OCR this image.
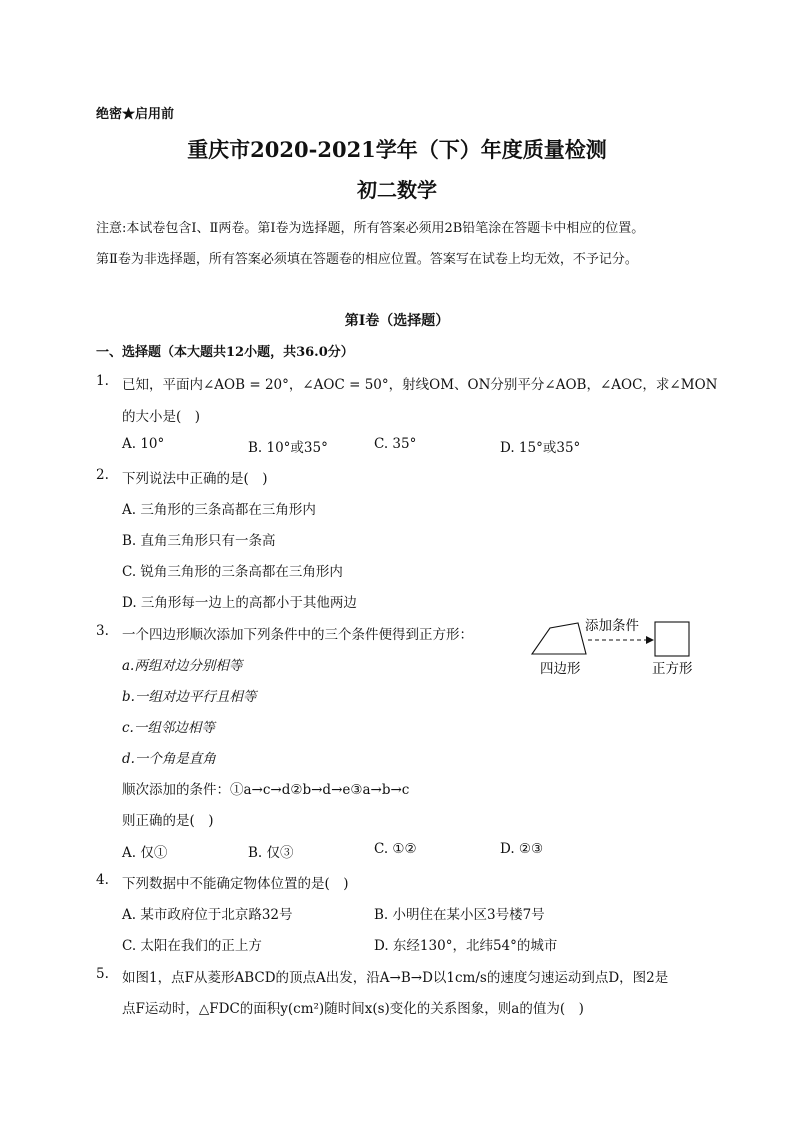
绝密★启用前
重庆市2020-2021学年（下）年度质量检测
初二数学
注意:本试卷包含Ⅰ、Ⅱ两卷。第Ⅰ卷为选择题，所有答案必须用2B铅笔涂在答题卡中相应的位置。
第Ⅱ卷为非选择题，所有答案必须填在答题卷的相应位置。答案写在试卷上均无效，不予记分。
第Ⅰ卷（选择题）
一、选择题（本大题共12小题，共36.0分）
1. 已知，平面内∠AOB = 20°，∠AOC = 50°，射线OM、ON分别平分∠AOB，∠AOC，求∠MON
的大小是(　)
A. 10°	B. 10°或35°	C. 35°	D. 15°或35°
2. 下列说法中正确的是(　)
A. 三角形的三条高都在三角形内
B. 直角三角形只有一条高
C. 锐角三角形的三条高都在三角形内
D. 三角形每一边上的高都小于其他两边
3. 一个四边形顺次添加下列条件中的三个条件便得到正方形：
a.两组对边分别相等
b.一组对边平行且相等
c.一组邻边相等
d.一个角是直角
顺次添加的条件：①a→c→d②b→d→e③a→b→c
则正确的是(　)
A. 仅①	B. 仅③	C. ①②	D. ②③
添加条件
四边形	正方形
4. 下列数据中不能确定物体位置的是(　)
A. 某市政府位于北京路32号	B. 小明住在某小区3号楼7号
C. 太阳在我们的正上方	D. 东经130°，北纬54°的城市
5. 如图1，点F从菱形ABCD的顶点A出发，沿A→B→D以1cm/s的速度匀速运动到点D，图2是
点F运动时，△FDC的面积y(cm²)随时间x(s)变化的关系图象，则a的值为(　)
